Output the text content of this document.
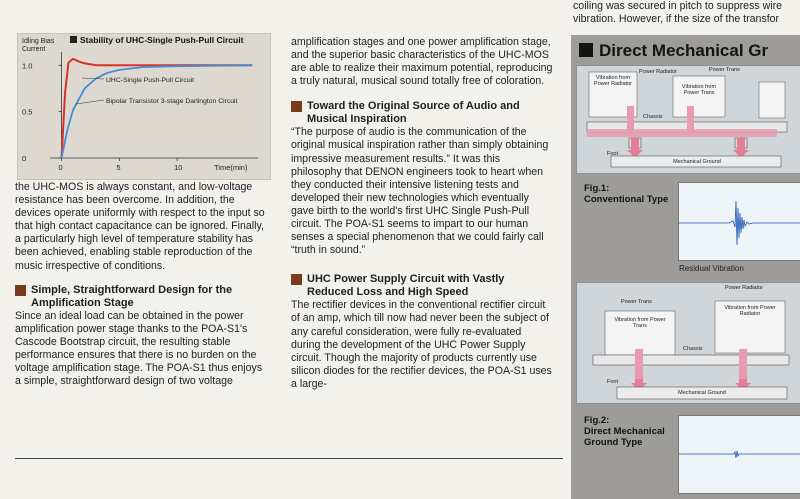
coiling was secured in pitch to suppress wire
vibration. However, if the size of the transfor
Idling Bias
Current
Stability of UHC-Single Push-Pull Circuit
1.0
0.5
0
0	5	10	Time(min)
UHC-Single Push-Pull Circuit
Bipolar Transistor 3-stage Darlington Circuit

the UHC-MOS is always constant, and low-voltage resistance has been overcome. In addition, the devices operate uniformly with respect to the input so that high contact capacitance can be ignored. Finally, a particularly high level of temperature stability has been achieved, enabling stable reproduction of the music irrespective of conditions.

Simple, Straightforward Design for the Amplification Stage

Since an ideal load can be obtained in the power amplification power stage thanks to the POA-S1's Cascode Bootstrap circuit, the resulting stable performance ensures that there is no burden on the voltage amplification stage. The POA-S1 thus enjoys a simple, straightforward design of two voltage

amplification stages and one power amplification stage, and the superior basic characteristics of the UHC-MOS are able to realize their maximum potential, reproducing a truly natural, musical sound totally free of coloration.

Toward the Original Source of Audio and Musical Inspiration

“The purpose of audio is the communication of the original musical inspiration rather than simply obtaining impressive measurement results.” It was this philosophy that DENON engineers took to heart when they conducted their intensive listening tests and developed their new technologies which eventually gave birth to the world's first UHC Single Push-Pull circuit. The POA-S1 seems to impart to our human senses a special phenomenon that we could fairly call “truth in sound.”

UHC Power Supply Circuit with Vastly Reduced Loss and High Speed

The rectifier devices in the conventional rectifier circuit of an amp, which till now had never been the subject of any careful consideration, were fully re-evaluated during the development of the UHC Power Supply circuit. Though the majority of products currently use silicon diodes for the rectifier devices, the POA-S1 uses a large-

Direct Mechanical Gr
Power Radiator	Power Trans
Vibration from Power Radiator	Vibration from Power Trans
Chassis
Foot
Mechanical Ground
Fig.1:
Conventional Type
Residual Vibration
Power Radiator
Power Trans
Vibration from Power Trans
Vibration from Power Radiator
Chassis
Foot
Mechanical Ground
Fig.2:
Direct Mechanical Ground Type
